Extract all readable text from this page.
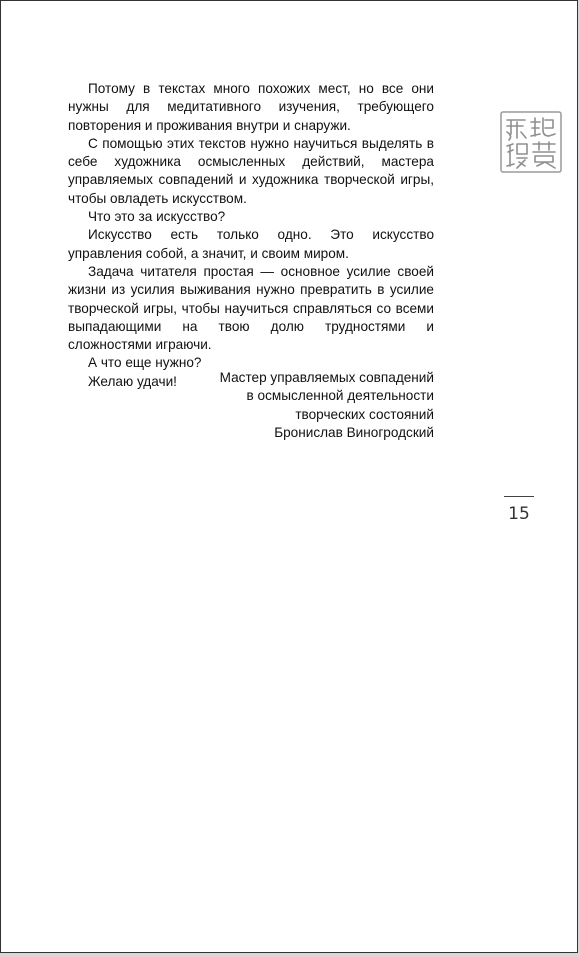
Потому в текстах много похожих мест, но все они нужны для медитативного изучения, требующего повторения и проживания внутри и снаружи.

С помощью этих текстов нужно научиться выделять в себе художника осмысленных действий, мастера управляемых совпадений и художника творческой игры, чтобы овладеть искусством.

Что это за искусство?

Искусство есть только одно. Это искусство управления собой, а значит, и своим миром.

Задача читателя простая — основное усилие своей жизни из усилия выживания нужно превратить в усилие творческой игры, чтобы научиться справляться со всеми выпадающими на твою долю трудностями и сложностями играючи.

А что еще нужно?

Желаю удачи!	Мастер управляемых совпадений
в осмысленной деятельности
творческих состояний
Бронислав Виногродский
15
